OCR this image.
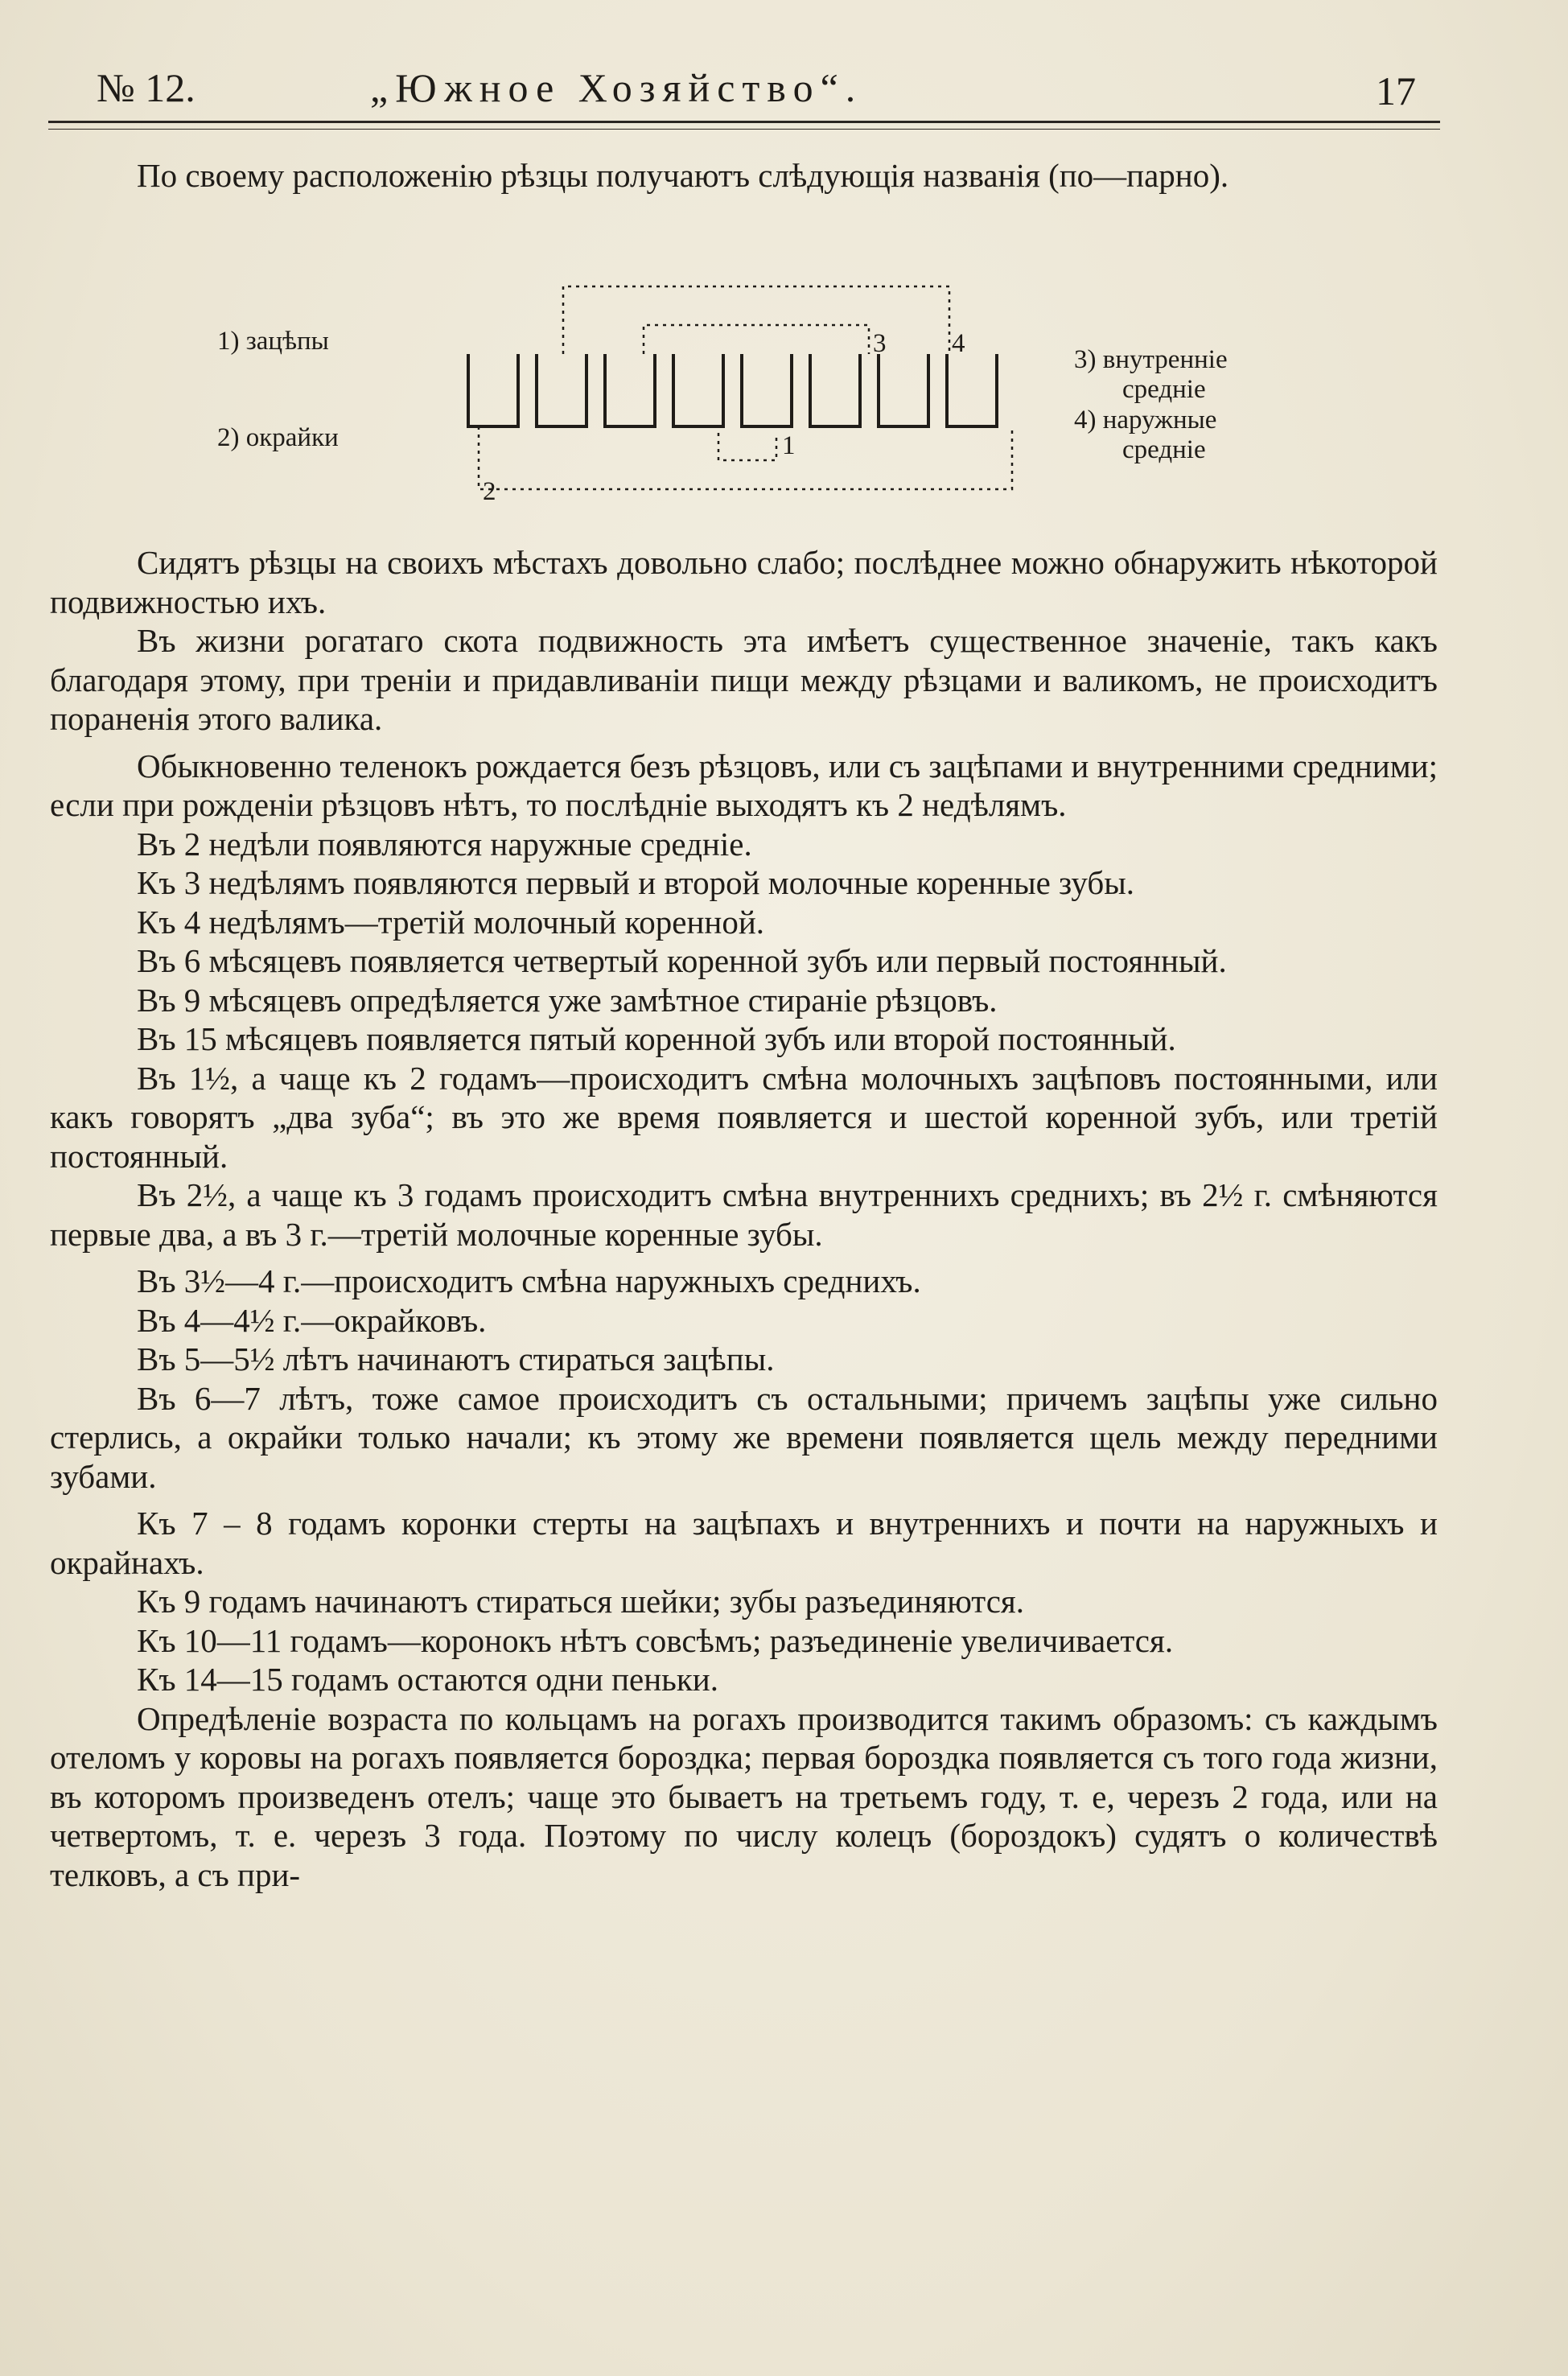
№ 12.	„Южное Хозяйство“.	17

По своему расположенію рѣзцы получаютъ слѣдующія названія (по—парно).

1) зацѣпы
2) окрайки
3) внутренніе
средніе
4) наружные
средніе
3 4
1
2

Сидятъ рѣзцы на своихъ мѣстахъ довольно слабо; послѣднее можно обнаружить нѣкоторой подвижностью ихъ.

Въ жизни рогатаго скота подвижность эта имѣетъ существенное значеніе, такъ какъ благодаря этому, при треніи и придавливаніи пищи между рѣзцами и валикомъ, не происходитъ пораненія этого валика.

Обыкновенно теленокъ рождается безъ рѣзцовъ, или съ зацѣпами и внутренними средними; если при рожденіи рѣзцовъ нѣтъ, то послѣдніе выходятъ къ 2 недѣлямъ.

Въ 2 недѣли появляются наружные средніе.

Къ 3 недѣлямъ появляются первый и второй молочные коренные зубы.

Къ 4 недѣлямъ—третій молочный коренной.

Въ 6 мѣсяцевъ появляется четвертый коренной зубъ или первый постоянный.

Въ 9 мѣсяцевъ опредѣляется уже замѣтное стираніе рѣзцовъ.

Въ 15 мѣсяцевъ появляется пятый коренной зубъ или второй постоянный.

Въ 1½, а чаще къ 2 годамъ—происходитъ смѣна молочныхъ зацѣповъ постоянными, или какъ говорятъ „два зуба“; въ это же время появляется и шестой коренной зубъ, или третій постоянный.

Въ 2½, а чаще къ 3 годамъ происходитъ смѣна внутреннихъ среднихъ; въ 2½ г. смѣняются первые два, а въ 3 г.—третій молочные коренные зубы.

Въ 3½—4 г.—происходитъ смѣна наружныхъ среднихъ.

Въ 4—4½ г.—окрайковъ.

Въ 5—5½ лѣтъ начинаютъ стираться зацѣпы.

Въ 6—7 лѣтъ, тоже самое происходитъ съ остальными; причемъ зацѣпы уже сильно стерлись, а окрайки только начали; къ этому же времени появляется щель между передними зубами.

Къ 7 – 8 годамъ коронки стерты на зацѣпахъ и внутреннихъ и почти на наружныхъ и окрайнахъ.

Къ 9 годамъ начинаютъ стираться шейки; зубы разъединяются.

Къ 10—11 годамъ—коронокъ нѣтъ совсѣмъ; разъединеніе увеличивается.

Къ 14—15 годамъ остаются одни пеньки.

Опредѣленіе возраста по кольцамъ на рогахъ производится такимъ образомъ: съ каждымъ отеломъ у коровы на рогахъ появляется бороздка; первая бороздка появляется съ того года жизни, въ которомъ произведенъ отелъ; чаще это бываетъ на третьемъ году, т. е, черезъ 2 года, или на четвертомъ, т. е. черезъ 3 года. Поэтому по числу колецъ (бороздокъ) судятъ о количествѣ телковъ, а съ при-
